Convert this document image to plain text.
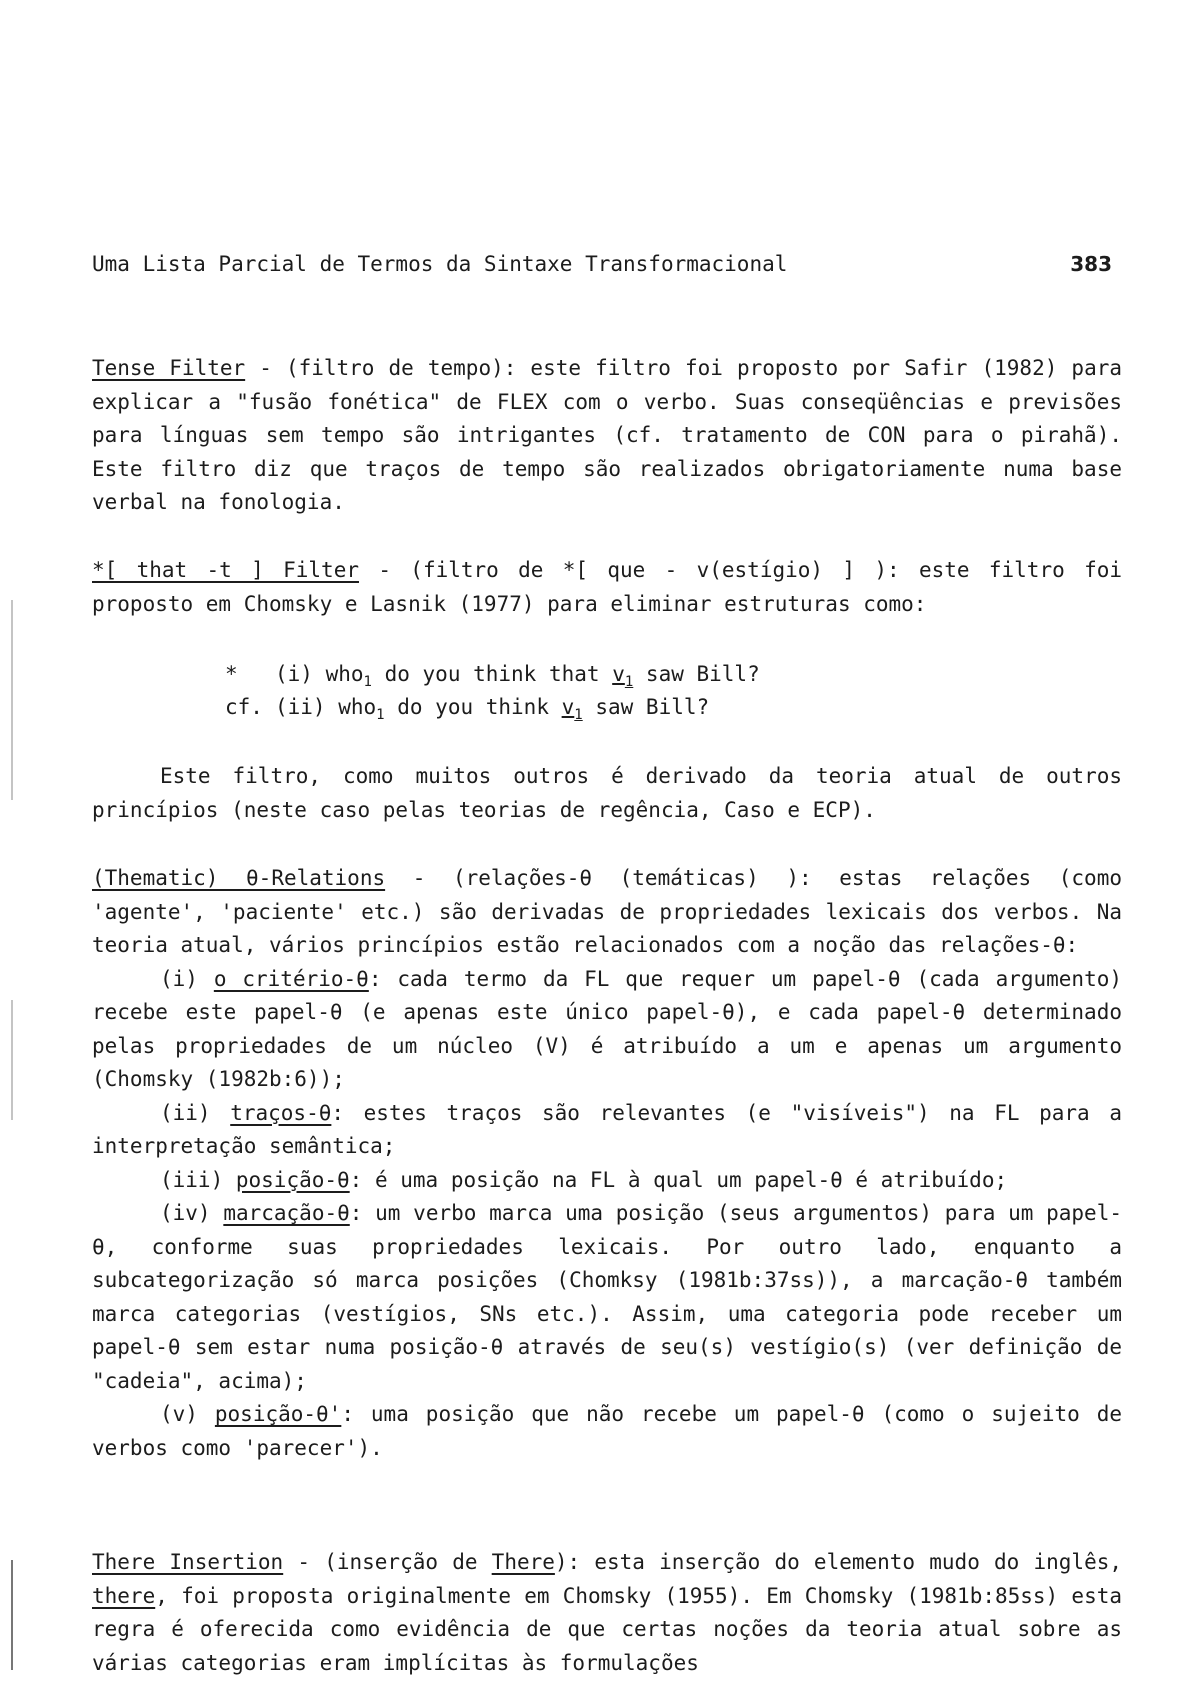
Uma Lista Parcial de Termos da Sintaxe Transformacional	383
Tense Filter - (filtro de tempo): este filtro foi proposto por Safir (1982) para explicar a "fusão fonética" de FLEX com o verbo. Suas conseqüências e previsões para línguas sem tempo são intrigantes (cf. tratamento de CON para o pirahã). Este filtro diz que traços de tempo são realizados obrigatoriamente numa base verbal na fonologia.
*[ that -t ] Filter - (filtro de *[ que - v(estígio) ] ): este filtro foi proposto em Chomsky e Lasnik (1977) para eliminar estruturas como:
* (i) who$_1$ do you think that $v_1$ saw Bill?
cf. (ii) who$_1$ do you think $v_1$ saw Bill?
Este filtro, como muitos outros é derivado da teoria atual de outros princípios (neste caso pelas teorias de regência, Caso e ECP).
(Thematic) θ-Relations - (relações-θ (temáticas) ): estas relações (como 'agente', 'paciente' etc.) são derivadas de propriedades lexicais dos verbos. Na teoria atual, vários princípios estão relacionados com a noção das relações-θ:
(i) o critério-θ: cada termo da FL que requer um papel-θ (cada argumento) recebe este papel-θ (e apenas este único papel-θ), e cada papel-θ determinado pelas propriedades de um núcleo (V) é atribuído a um e apenas um argumento (Chomsky (1982b:6));
(ii) traços-θ: estes traços são relevantes (e "visíveis") na FL para a interpretação semântica;
(iii) posição-θ: é uma posição na FL à qual um papel-θ é atribuído;
(iv) marcação-θ: um verbo marca uma posição (seus argumentos) para um papel-θ, conforme suas propriedades lexicais. Por outro lado, enquanto a subcategorização só marca posições (Chomksy (1981b:37ss)), a marcação-θ também marca categorias (vestígios, SNs etc.). Assim, uma categoria pode receber um papel-θ sem estar numa posição-θ através de seu(s) vestígio(s) (ver definição de "cadeia", acima);
(v) posição-θ': uma posição que não recebe um papel-θ (como o sujeito de verbos como 'parecer').
There Insertion - (inserção de There): esta inserção do elemento mudo do inglês, there, foi proposta originalmente em Chomsky (1955). Em Chomsky (1981b:85ss) esta regra é oferecida como evidência de que certas noções da teoria atual sobre as várias categorias eram implícitas às formulações
